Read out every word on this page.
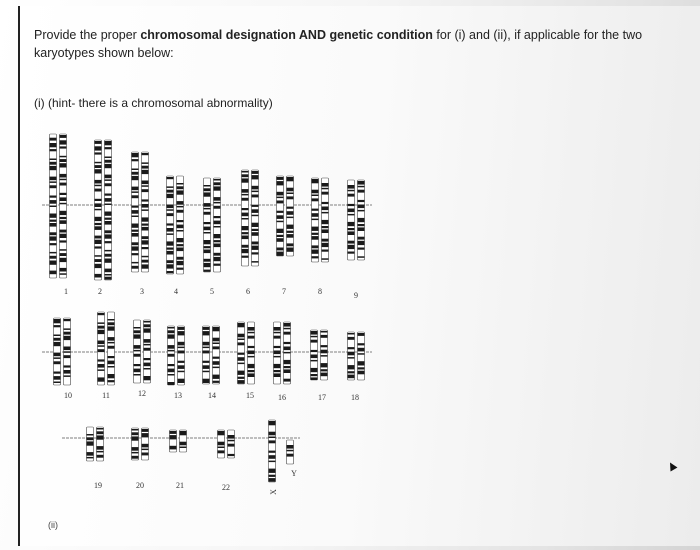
Provide the proper chromosomal designation AND genetic condition for (i) and (ii), if applicable for the two karyotypes shown below:
(i) (hint- there is a chromosomal abnormality)
1	2	3	4	5	6	7	8	9
10	11	12	13	14	15	16	17	18
19	20	21	22	X
Y
(ii)
